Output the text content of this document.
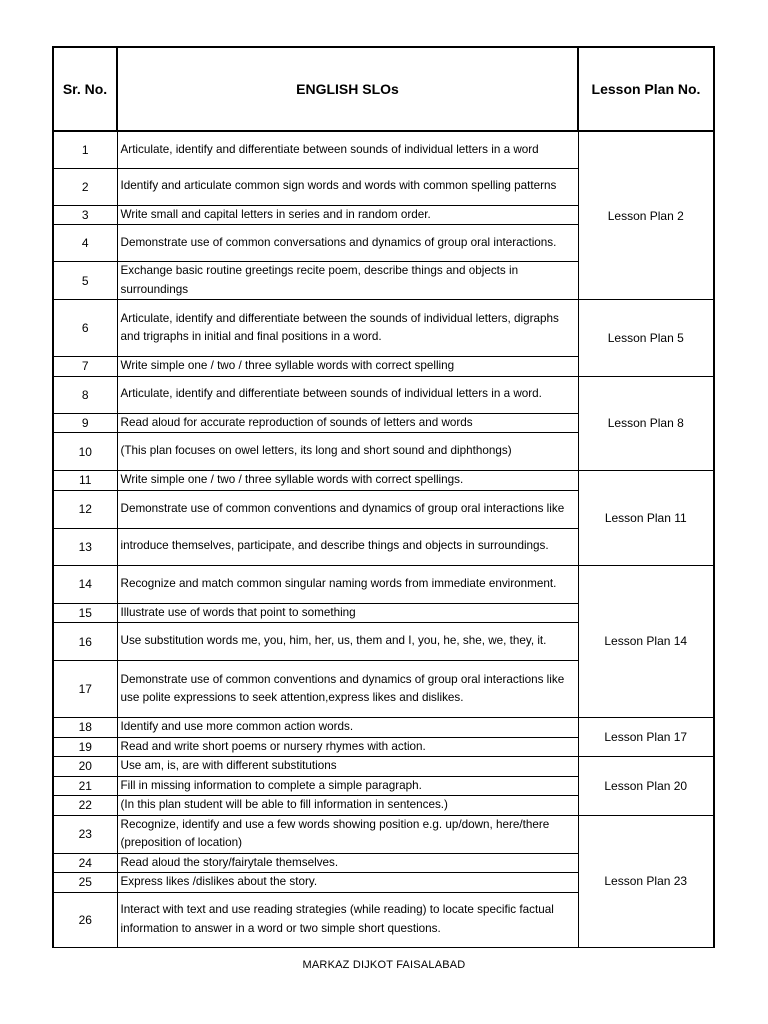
Sr. No.	ENGLISH SLOs	Lesson Plan No.
1	Articulate, identify and differentiate between sounds of individual letters in a word	Lesson Plan 2
2	Identify and articulate common sign words and words with common spelling patterns	
3	Write small and capital letters in series and in random order.	
4	Demonstrate use of common conversations and dynamics of group oral interactions.	
5	Exchange basic routine greetings recite poem, describe things and objects in surroundings	
6	Articulate, identify and differentiate between the sounds of individual letters, digraphs and trigraphs in initial and final positions in a word.	Lesson Plan 5
7	Write simple one / two / three syllable words with correct spelling	
8	Articulate, identify and differentiate between sounds of individual letters in a word.	Lesson Plan 8
9	Read aloud for accurate reproduction of sounds of letters and words	
10	(This plan focuses on owel letters, its long and short sound and diphthongs)	
11	Write simple one / two / three syllable words with correct spellings.	Lesson Plan 11
12	Demonstrate use of common conventions and dynamics of group oral interactions like	
13	introduce themselves, participate, and describe things and objects in surroundings.	
14	Recognize and match common singular naming words from immediate environment.	Lesson Plan 14
15	Illustrate use of words that point to something	
16	Use substitution words me, you, him, her, us, them and I, you, he, she, we, they, it.	
17	Demonstrate use of common conventions and dynamics of group oral interactions like use polite expressions to seek attention,express likes and dislikes.	
18	Identify and use more common action words.	Lesson Plan 17
19	Read and write short poems or nursery rhymes with action.	
20	Use am, is, are with different substitutions	Lesson Plan 20
21	Fill in missing information to complete a simple paragraph.	
22	(In this plan student will be able to fill information in sentences.)	
23	Recognize, identify and use a few words showing position e.g. up/down, here/there (preposition of location)	Lesson Plan 23
24	Read aloud the story/fairytale themselves.	
25	Express likes /dislikes about the story.	
26	Interact with text and use reading strategies (while reading) to locate specific factual information to answer in a word or two simple short questions.	
MARKAZ DIJKOT FAISALABAD
